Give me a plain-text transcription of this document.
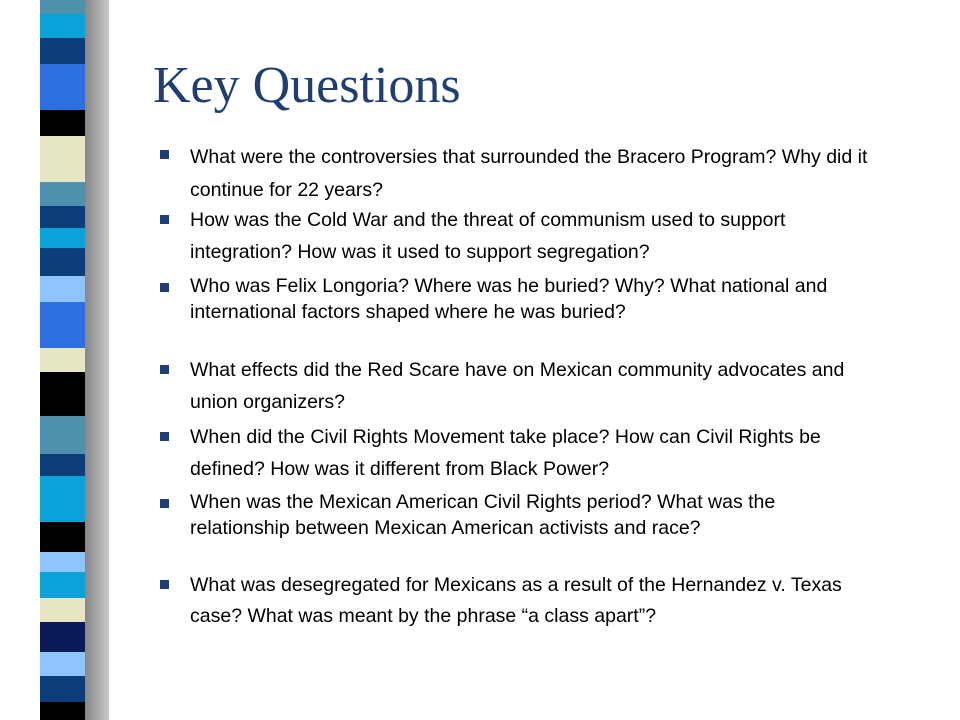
Key Questions
What were the controversies that surrounded the Bracero Program? Why did it continue for 22 years?
How was the Cold War and the threat of communism used to support integration? How was it used to support segregation?
Who was Felix Longoria? Where was he buried? Why? What national and international factors shaped where he was buried?
What effects did the Red Scare have on Mexican community advocates and union organizers?
When did the Civil Rights Movement take place? How can Civil Rights be defined? How was it different from Black Power?
When was the Mexican American Civil Rights period? What was the relationship between Mexican American activists and race?
What was desegregated for Mexicans as a result of the Hernandez v. Texas case? What was meant by the phrase “a class apart”?
